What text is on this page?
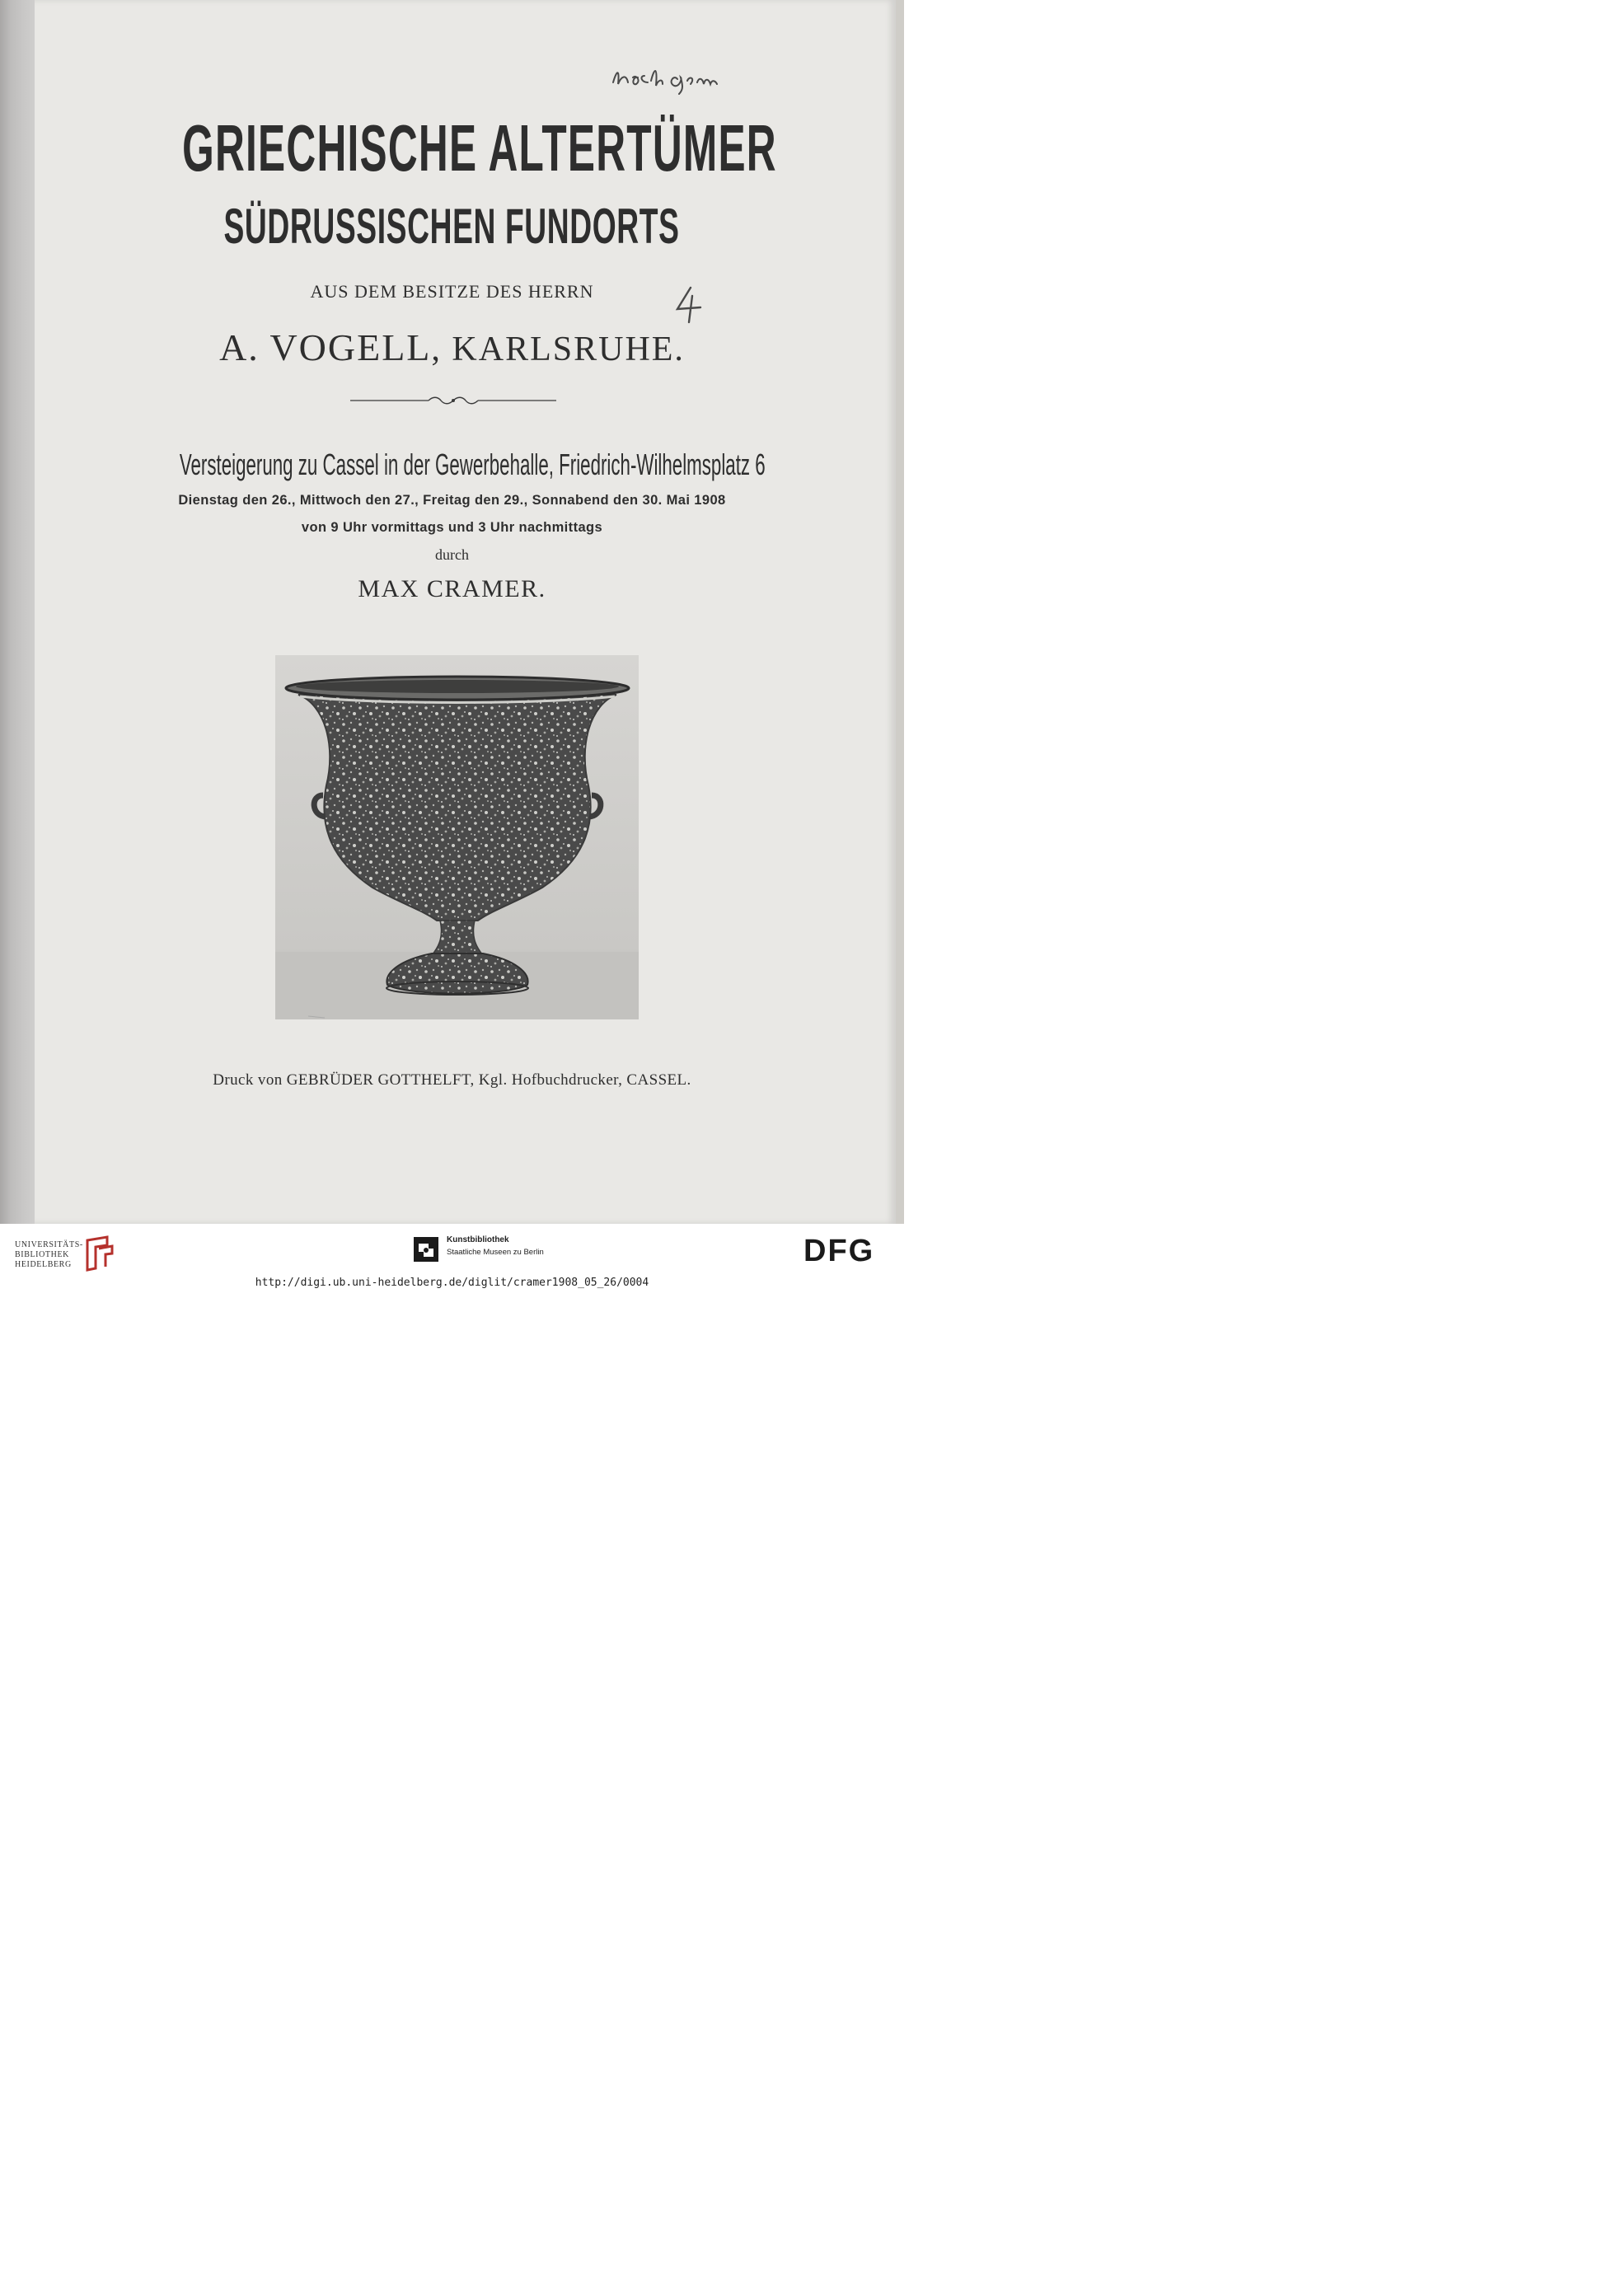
GRIECHISCHE ALTERTÜMER
SÜDRUSSISCHEN FUNDORTS

AUS DEM BESITZE DES HERRN

A. VOGELL, KARLSRUHE.

Versteigerung zu Cassel in der Gewerbehalle, Friedrich-Wilhelmsplatz 6

Dienstag den 26., Mittwoch den 27., Freitag den 29., Sonnabend den 30. Mai 1908

von 9 Uhr vormittags und 3 Uhr nachmittags

durch

MAX CRAMER.

Druck von GEBRÜDER GOTTHELFT, Kgl. Hofbuchdrucker, CASSEL.

UNIVERSITÄTS-
BIBLIOTHEK
HEIDELBERG
Kunstbibliothek
Staatliche Museen zu Berlin	DFG
http://digi.ub.uni-heidelberg.de/diglit/cramer1908_05_26/0004
